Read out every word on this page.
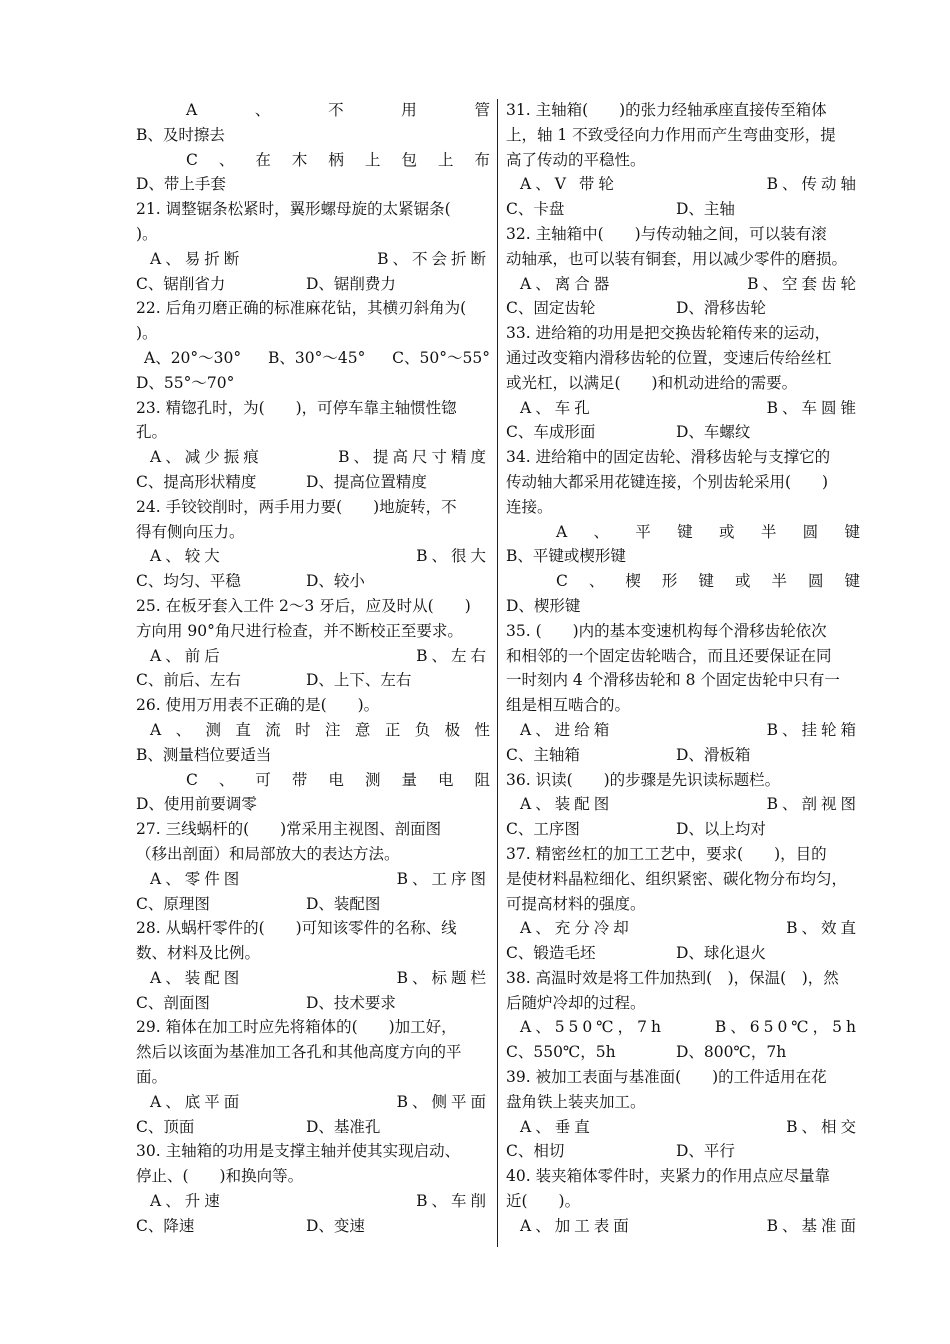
A	、	不	用	管
B、及时擦去
C 、 在 木 柄 上 包 上 布
D、带上手套
21. 调整锯条松紧时，翼形螺母旋的太紧锯条(
)。
A、易折断	B、不会折断
C、锯削省力	D、锯削费力
22. 后角刃磨正确的标准麻花钻，其横刃斜角为(
)。
A、20°～30° B、30°～45° C、50°～55°
D、55°～70°
23. 精锪孔时，为(　　)，可停车靠主轴惯性锪
孔。
A、减少振痕	B、提高尺寸精度
C、提高形状精度	D、提高位置精度
24. 手铰铰削时，两手用力要(　　)地旋转，不
得有侧向压力。
A、较大	B、很大
C、均匀、平稳	D、较小
25. 在板牙套入工件 2～3 牙后，应及时从(　　)
方向用 90°角尺进行检查，并不断校正至要求。
A、前后	B、左右
C、前后、左右	D、上下、左右
26. 使用万用表不正确的是(　　)。
A 、 测 直 流 时 注 意 正 负 极 性
B、测量档位要适当
C 、 可 带 电 测 量 电 阻
D、使用前要调零
27. 三线蜗杆的(　　)常采用主视图、剖面图
（移出剖面）和局部放大的表达方法。
A、零件图	B、工序图
C、原理图	D、装配图
28. 从蜗杆零件的(　　)可知该零件的名称、线
数、材料及比例。
A、装配图	B、标题栏
C、剖面图	D、技术要求
29. 箱体在加工时应先将箱体的(　　)加工好，
然后以该面为基准加工各孔和其他高度方向的平
面。
A、底平面	B、侧平面
C、顶面	D、基准孔
30. 主轴箱的功用是支撑主轴并使其实现启动、
停止、(　　)和换向等。
A、升速	B、车削
C、降速	D、变速
31. 主轴箱(　　)的张力经轴承座直接传至箱体
上，轴 1 不致受径向力作用而产生弯曲变形，提
高了传动的平稳性。
A、V 带轮	B、传动轴
C、卡盘	D、主轴
32. 主轴箱中(　　)与传动轴之间，可以装有滚
动轴承，也可以装有铜套，用以减少零件的磨损。
A、离合器	B、空套齿轮
C、固定齿轮	D、滑移齿轮
33. 进给箱的功用是把交换齿轮箱传来的运动，
通过改变箱内滑移齿轮的位置，变速后传给丝杠
或光杠，以满足(　　)和机动进给的需要。
A、车孔	B、车圆锥
C、车成形面	D、车螺纹
34. 进给箱中的固定齿轮、滑移齿轮与支撑它的
传动轴大都采用花键连接，个别齿轮采用(　　)
连接。
A 、 平 键 或 半 圆 键
B、平键或楔形键
C 、 楔 形 键 或 半 圆 键
D、楔形键
35. (　　)内的基本变速机构每个滑移齿轮依次
和相邻的一个固定齿轮啮合，而且还要保证在同
一时刻内 4 个滑移齿轮和 8 个固定齿轮中只有一
组是相互啮合的。
A、进给箱	B、挂轮箱
C、主轴箱	D、滑板箱
36. 识读(　　)的步骤是先识读标题栏。
A、装配图	B、剖视图
C、工序图	D、以上均对
37. 精密丝杠的加工工艺中，要求(　　)，目的
是使材料晶粒细化、组织紧密、碳化物分布均匀，
可提高材料的强度。
A、充分冷却	B、效直
C、锻造毛坯	D、球化退火
38. 高温时效是将工件加热到(　)，保温(　)，然
后随炉冷却的过程。
A、550℃，7h	B、650℃，5h
C、550℃，5h	D、800℃，7h
39. 被加工表面与基准面(　　)的工件适用在花
盘角铁上装夹加工。
A、垂直	B、相交
C、相切	D、平行
40. 装夹箱体零件时，夹紧力的作用点应尽量靠
近(　　)。
A、加工表面	B、基准面
